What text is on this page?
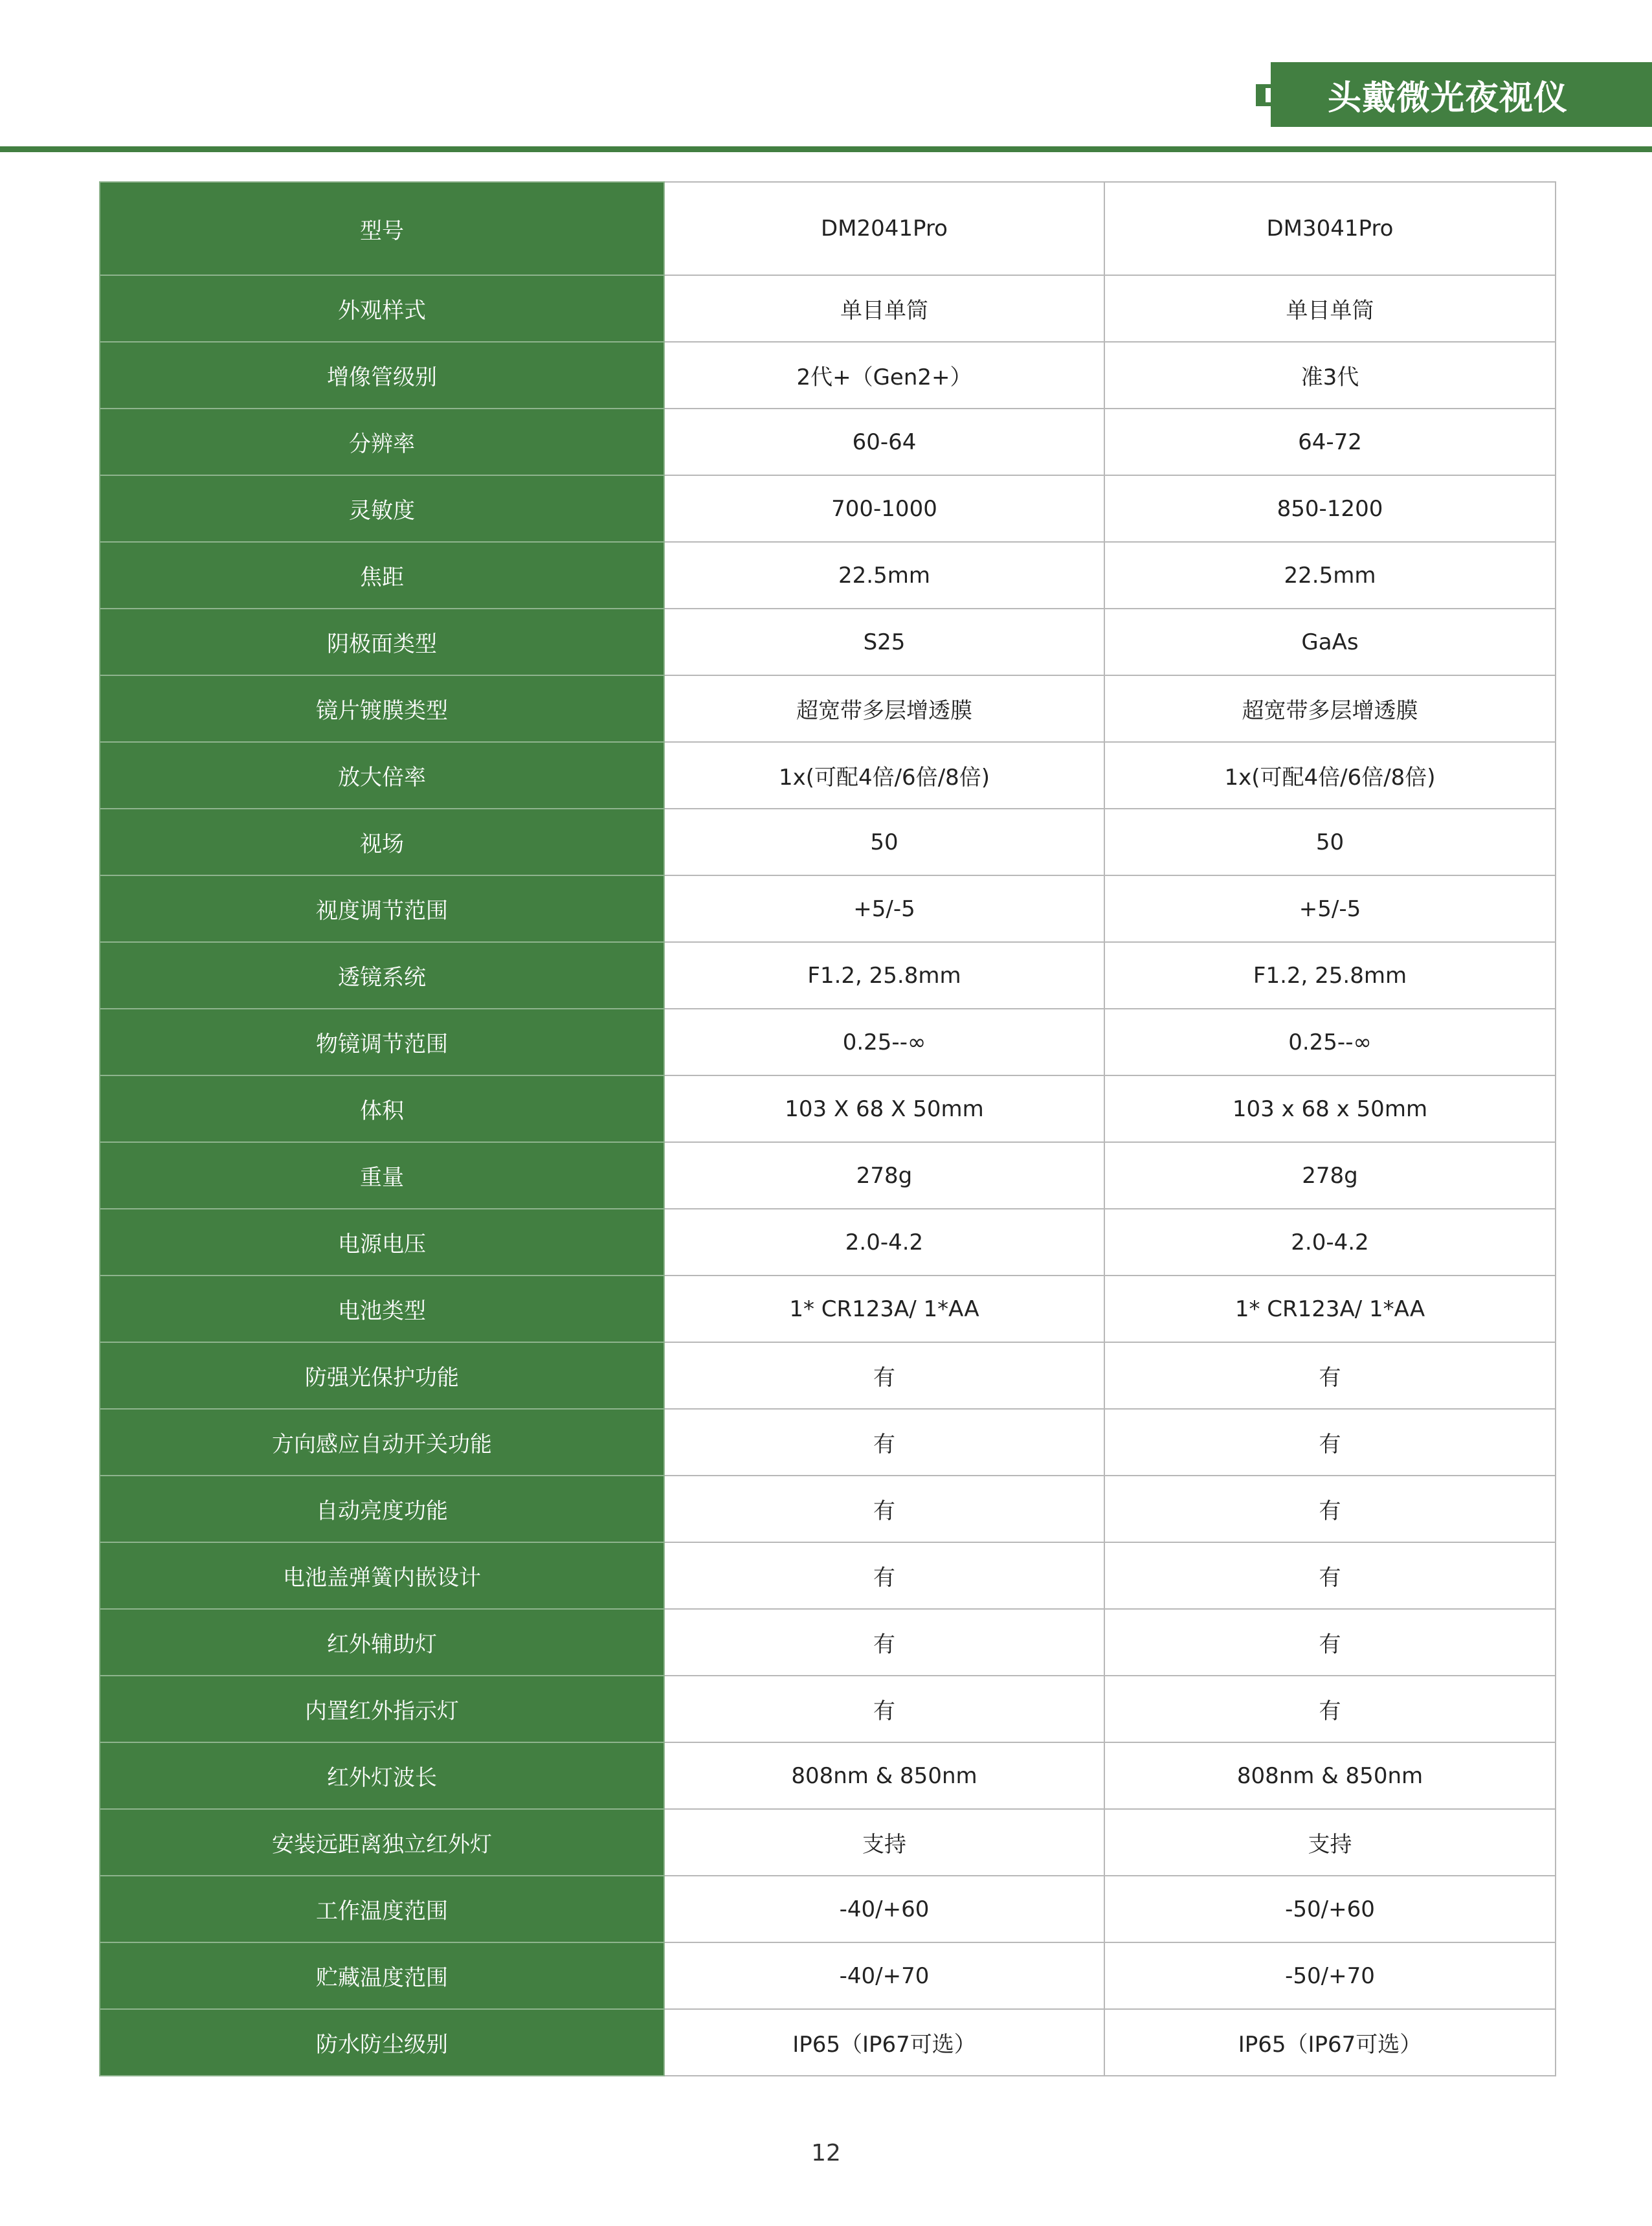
头戴微光夜视仪
型号	DM2041Pro	DM3041Pro
外观样式	单目单筒	单目单筒
增像管级别	2代+（Gen2+）	准3代
分辨率	60-64	64-72
灵敏度	700-1000	850-1200
焦距	22.5mm	22.5mm
阴极面类型	S25	GaAs
镜片镀膜类型	超宽带多层增透膜	超宽带多层增透膜
放大倍率	1x(可配4倍/6倍/8倍)	1x(可配4倍/6倍/8倍)
视场	50	50
视度调节范围	+5/-5	+5/-5
透镜系统	F1.2, 25.8mm	F1.2, 25.8mm
物镜调节范围	0.25--∞	0.25--∞
体积	103 X 68 X 50mm	103 x 68 x 50mm
重量	278g	278g
电源电压	2.0-4.2	2.0-4.2
电池类型	1* CR123A/ 1*AA	1* CR123A/ 1*AA
防强光保护功能	有	有
方向感应自动开关功能	有	有
自动亮度功能	有	有
电池盖弹簧内嵌设计	有	有
红外辅助灯	有	有
内置红外指示灯	有	有
红外灯波长	808nm & 850nm	808nm & 850nm
安装远距离独立红外灯	支持	支持
工作温度范围	-40/+60	-50/+60
贮藏温度范围	-40/+70	-50/+70
防水防尘级别	IP65（IP67可选）	IP65（IP67可选）
12
